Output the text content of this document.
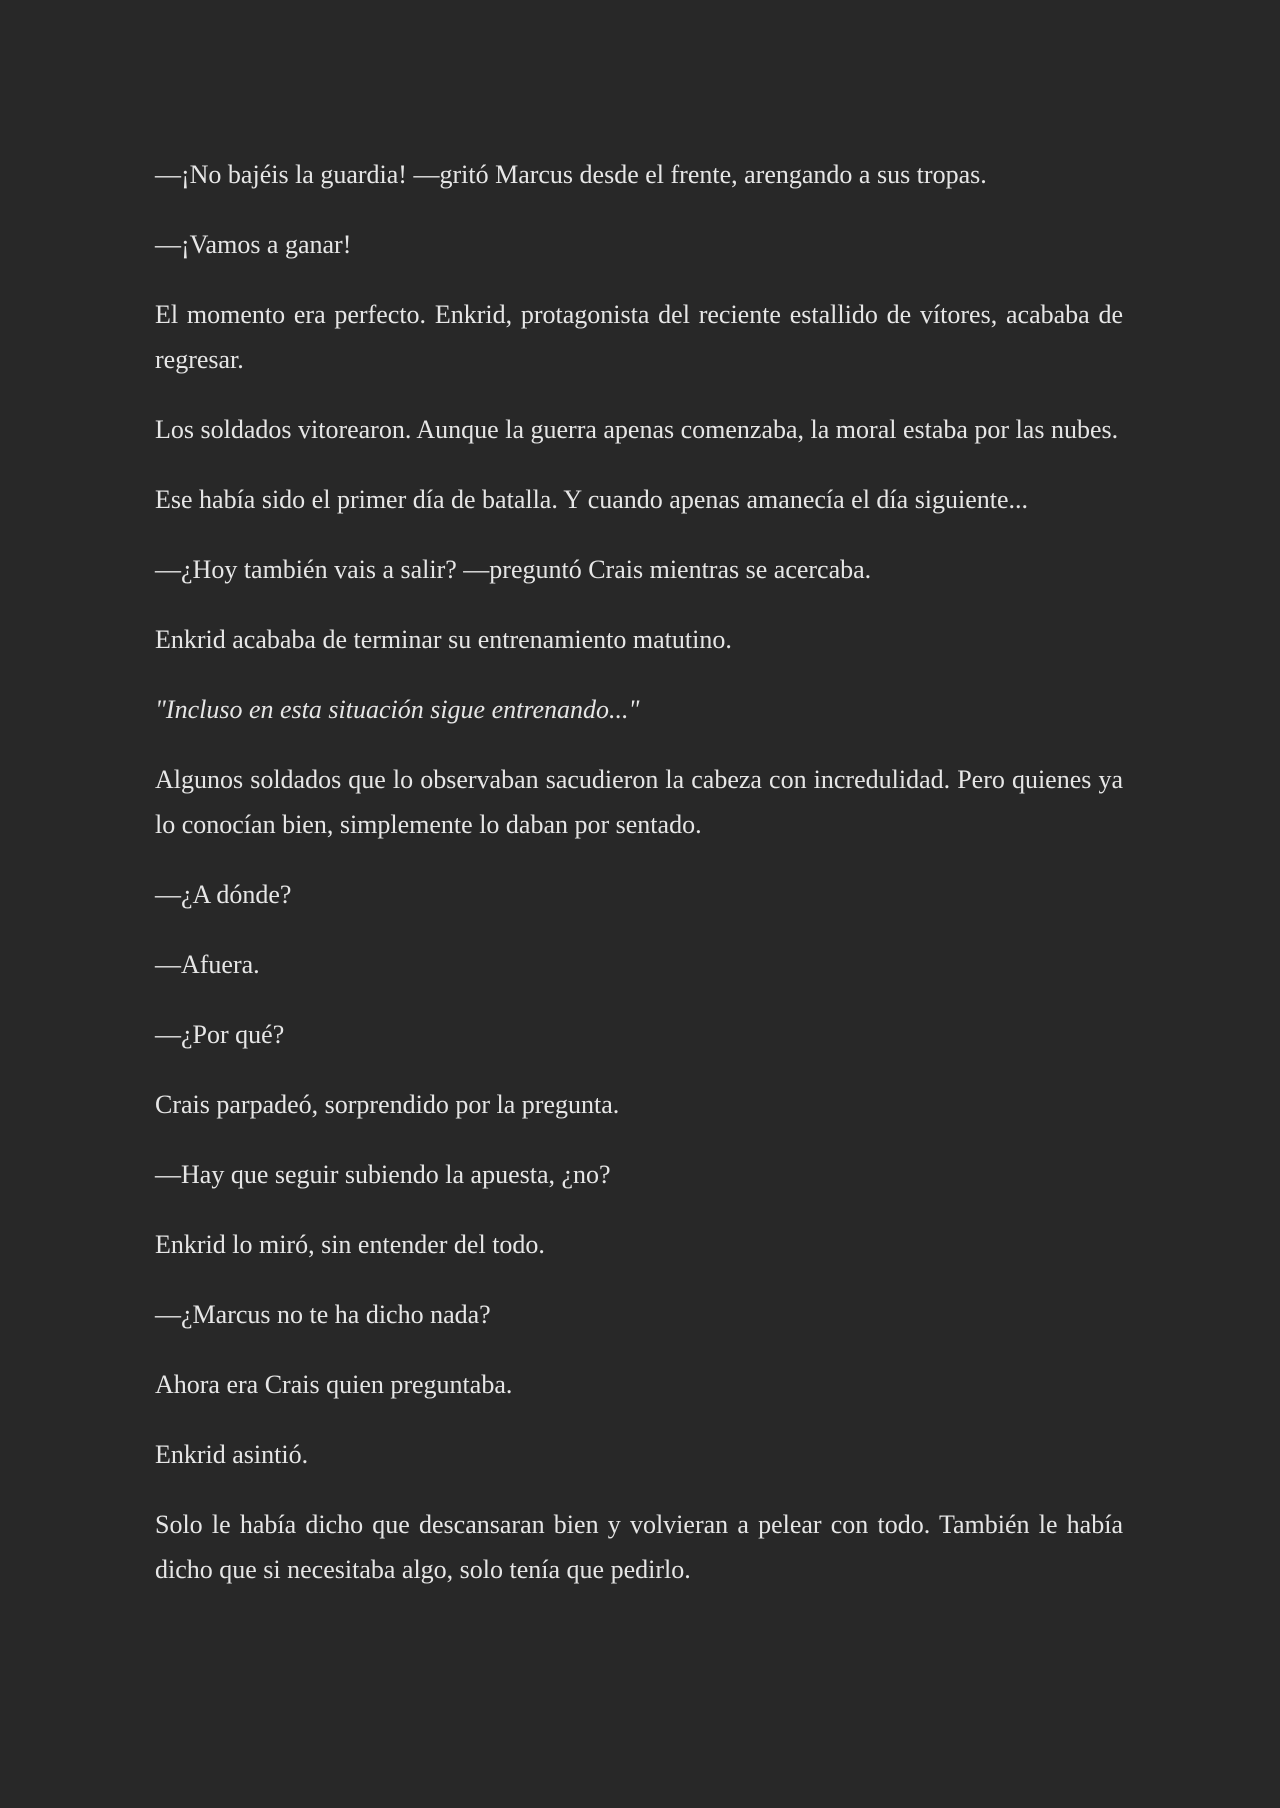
—¡No bajéis la guardia! —gritó Marcus desde el frente, arengando a sus tropas.

—¡Vamos a ganar!

El momento era perfecto. Enkrid, protagonista del reciente estallido de vítores, acababa de regresar.

Los soldados vitorearon. Aunque la guerra apenas comenzaba, la moral estaba por las nubes.

Ese había sido el primer día de batalla. Y cuando apenas amanecía el día siguiente...

—¿Hoy también vais a salir? —preguntó Crais mientras se acercaba.

Enkrid acababa de terminar su entrenamiento matutino.

"Incluso en esta situación sigue entrenando..."

Algunos soldados que lo observaban sacudieron la cabeza con incredulidad. Pero quienes ya lo conocían bien, simplemente lo daban por sentado.

—¿A dónde?

—Afuera.

—¿Por qué?

Crais parpadeó, sorprendido por la pregunta.

—Hay que seguir subiendo la apuesta, ¿no?

Enkrid lo miró, sin entender del todo.

—¿Marcus no te ha dicho nada?

Ahora era Crais quien preguntaba.

Enkrid asintió.

Solo le había dicho que descansaran bien y volvieran a pelear con todo. También le había dicho que si necesitaba algo, solo tenía que pedirlo.
